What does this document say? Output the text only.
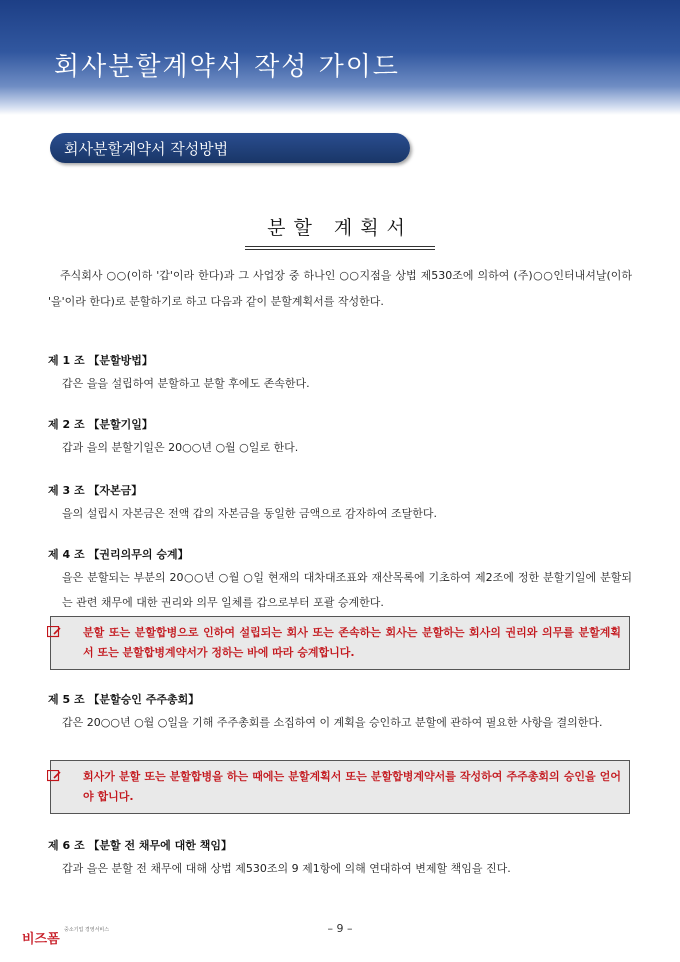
회사분할계약서 작성 가이드
회사분할계약서 작성방법
분할 계획서
주식회사 ○○(이하 '갑'이라 한다)과 그 사업장 중 하나인 ○○지점을 상법 제530조에 의하여 (주)○○인터내셔날(이하 '을'이라 한다)로 분할하기로 하고 다음과 같이 분할계획서를 작성한다.
제 1 조 【분할방법】
갑은 을을 설립하여 분할하고 분할 후에도 존속한다.
제 2 조 【분할기일】
갑과 을의 분할기일은 20○○년 ○월 ○일로 한다.
제 3 조 【자본금】
을의 설립시 자본금은 전액 갑의 자본금을 동일한 금액으로 감자하여 조달한다.
제 4 조 【권리의무의 승계】
을은 분할되는 부분의 20○○년 ○월 ○일 현재의 대차대조표와 재산목록에 기초하여 제2조에 정한 분할기일에 분할되는 관련 채무에 대한 권리와 의무 일체를 갑으로부터 포괄 승계한다.
분할 또는 분할합병으로 인하여 설립되는 회사 또는 존속하는 회사는 분할하는 회사의 권리와 의무를 분할계획서 또는 분할합병계약서가 정하는 바에 따라 승계합니다.
제 5 조 【분할승인 주주총회】
갑은 20○○년 ○월 ○일을 기해 주주총회를 소집하여 이 계획을 승인하고 분할에 관하여 필요한 사항을 결의한다.
회사가 분할 또는 분할합병을 하는 때에는 분할계획서 또는 분할합병계약서를 작성하여 주주총회의 승인을 얻어야 합니다.
제 6 조 【분할 전 채무에 대한 책임】
갑과 을은 분할 전 채무에 대해 상법 제530조의 9 제1항에 의해 연대하여 변제할 책임을 진다.
비즈폼
중소기업 경영서비스	– 9 –
